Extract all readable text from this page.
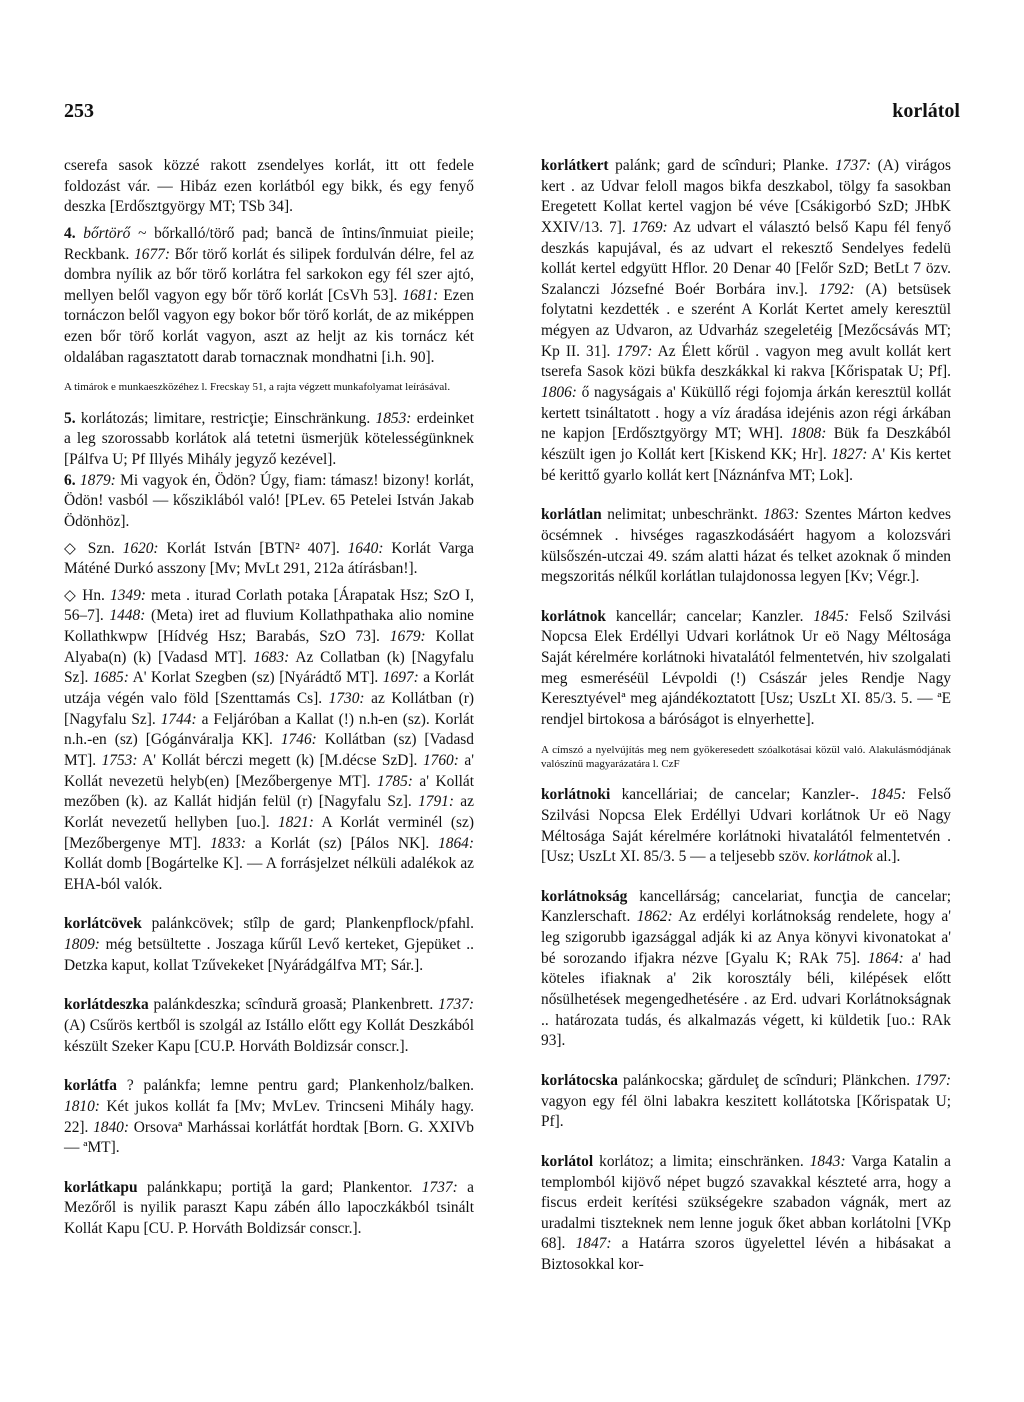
253	korlátol

cserefa sasok közzé rakott zsendelyes korlát, itt ott fedele foldozást vár. — Hibáz ezen korlátból egy bikk, és egy fenyő deszka [Erdősztgyörgy MT; TSb 34].

4. bőrtörő ~ bőrkalló/törő pad; bancă de întins/înmuiat pieile; Reckbank. 1677: Bőr törő korlát és silipek fordulván délre, fel az dombra nyílik az bőr törő korlátra fel sarkokon egy fél szer ajtó, mellyen belől vagyon egy bőr törő korlát [CsVh 53]. 1681: Ezen tornáczon belől vagyon egy bokor bőr törő korlát, de az miképpen ezen bőr törő korlát vagyon, aszt az heljt az kis tornácz két oldalában ragasztatott darab tornacznak mondhatni [i.h. 90].

A timárok e munkaeszközéhez l. Frecskay 51, a rajta végzett munkafolyamat leírásával.

5. korlátozás; limitare, restricţie; Einschränkung. 1853: erdeinket a leg szorossabb korlátok alá tetetni üsmerjük kötelességünknek [Pálfva U; Pf Illyés Mihály jegyző kezével].

6. 1879: Mi vagyok én, Ödön? Úgy, fiam: támasz! bizony! korlát, Ödön! vasból — kősziklából való! [PLev. 65 Petelei István Jakab Ödönhöz].

◇ Szn. 1620: Korlát István [BTN² 407]. 1640: Korlát Varga Máténé Durkó asszony [Mv; MvLt 291, 212a átírásban!].

◇ Hn. 1349: meta . iturad Corlath potaka [Árapatak Hsz; SzO I, 56–7]. 1448: (Meta) iret ad fluvium Kollathpathaka alio nomine Kollathkwpw [Hídvég Hsz; Barabás, SzO 73]. 1679: Kollat Alyaba(n) (k) [Vadasd MT]. 1683: Az Collatban (k) [Nagyfalu Sz]. 1685: A' Korlat Szegben (sz) [Nyárádtő MT]. 1697: a Korlát utzája végén valo föld [Szenttamás Cs]. 1730: az Kollátban (r) [Nagyfalu Sz]. 1744: a Feljáróban a Kallat (!) n.h-en (sz). Korlát n.h.-en (sz) [Gógánváralja KK]. 1746: Kollátban (sz) [Vadasd MT]. 1753: A' Kollát bérczi megett (k) [M.décse SzD]. 1760: a' Kollát nevezetü helyb(en) [Mezőbergenye MT]. 1785: a' Kollát mezőben (k). az Kallát hidján felül (r) [Nagyfalu Sz]. 1791: az Korlát nevezetű hellyben [uo.]. 1821: A Korlát verminél (sz) [Mezőbergenye MT]. 1833: a Korlát (sz) [Pálos NK]. 1864: Kollát domb [Bogártelke K]. — A forrásjelzet nélküli adalékok az EHA-ból valók.

korlátcövek palánkcövek; stîlp de gard; Plankenpflock/pfahl. 1809: még betsültette . Joszaga kűrűl Levő kerteket, Gjepüket .. Detzka kaput, kollat Tzűvekeket [Nyárádgálfva MT; Sár.].

korlátdeszka palánkdeszka; scîndură groasă; Plankenbrett. 1737: (A) Csűrös kertből is szolgál az Istállo előtt egy Kollát Deszkából készült Szeker Kapu [CU.P. Horváth Boldizsár conscr.].

korlátfa ? palánkfa; lemne pentru gard; Plankenholz/balken. 1810: Két jukos kollát fa [Mv; MvLev. Trincseni Mihály hagy. 22]. 1840: Orsovaª Marhássai korlátfát hordtak [Born. G. XXIVb — ªMT].

korlátkapu palánkkapu; portiţă la gard; Plankentor. 1737: a Mezőről is nyilik paraszt Kapu zábén állo lapoczkákból tsinált Kollát Kapu [CU. P. Horváth Boldizsár conscr.].

korlátkert palánk; gard de scînduri; Planke. 1737: (A) virágos kert . az Udvar feloll magos bikfa deszkabol, tölgy fa sasokban Eregetett Kollat kertel vagjon bé véve [Csákigorbó SzD; JHbK XXIV/13. 7]. 1769: Az udvart el választó belső Kapu fél fenyő deszkás kapujával, és az udvart el rekesztő Sendelyes fedelü kollát kertel edgyütt Hflor. 20 Denar 40 [Felőr SzD; BetLt 7 özv. Szalanczi Józsefné Boér Borbára inv.]. 1792: (A) betsüsek folytatni kezdették . e szerént A Korlát Kertet amely keresztül mégyen az Udvaron, az Udvarház szegeletéig [Mezőcsávás MT; Kp II. 31]. 1797: Az Élett kőrül . vagyon meg avult kollát kert tserefa Sasok közi bükfa deszkákkal ki rakva [Kőrispatak U; Pf]. 1806: ő nagyságais a' Küküllő régi fojomja árkán keresztül kollát kertett tsináltatott . hogy a víz áradása idejénis azon régi árkában ne kapjon [Erdősztgyörgy MT; WH]. 1808: Bük fa Deszkából készült igen jo Kollát kert [Kiskend KK; Hr]. 1827: A' Kis kertet bé kerittő gyarlo kollát kert [Náznánfva MT; Lok].

korlátlan nelimitat; unbeschränkt. 1863: Szentes Márton kedves öcsémnek . hivséges ragaszkodásáért hagyom a kolozsvári külsőszén-utczai 49. szám alatti házat és telket azoknak ő minden megszoritás nélkűl korlátlan tulajdonossa legyen [Kv; Végr.].

korlátnok kancellár; cancelar; Kanzler. 1845: Felső Szilvási Nopcsa Elek Erdéllyi Udvari korlátnok Ur eö Nagy Méltosága Saját kérelmére korlátnoki hivatalától felmentetvén, hiv szolgalati meg esmeréséül Lévpoldi (!) Császár jeles Rendje Nagy Keresztyévelª meg ajándékoztatott [Usz; UszLt XI. 85/3. 5. — ªE rendjel birtokosa a báróságot is elnyerhette].

A címszó a nyelvújítás meg nem gyökeresedett szóalkotásai közül való. Alakulásmódjának valószínű magyarázatára l. CzF

korlátnoki kancelláriai; de cancelar; Kanzler-. 1845: Felső Szilvási Nopcsa Elek Erdéllyi Udvari korlátnok Ur eö Nagy Méltosága Saját kérelmére korlátnoki hivatalától felmentetvén . [Usz; UszLt XI. 85/3. 5 — a teljesebb szöv. korlátnok al.].

korlátnokság kancellárság; cancelariat, funcţia de cancelar; Kanzlerschaft. 1862: Az erdélyi korlátnokság rendelete, hogy a' leg szigorubb igazsággal adják ki az Anya könyvi kivonatokat a' bé sorozando ifjakra nézve [Gyalu K; RAk 75]. 1864: a' had köteles ifiaknak a' 2ik korosztály béli, kilépések előtt nősülhetések megengedhetésére . az Erd. udvari Korlátnokságnak .. határozata tudás, és alkalmazás végett, ki küldetik [uo.: RAk 93].

korlátocska palánkocska; gărduleţ de scînduri; Plänkchen. 1797: vagyon egy fél ölni labakra keszitett kollátotska [Kőrispatak U; Pf].

korlátol korlátoz; a limita; einschränken. 1843: Varga Katalin a templomból kijövő népet bugzó szavakkal készteté arra, hogy a fiscus erdeit kerítési szükségekre szabadon vágnák, mert az uradalmi tiszteknek nem lenne joguk őket abban korlátolni [VKp 68]. 1847: a Határra szoros ügyelettel lévén a hibásakat a Biztosokkal kor-
